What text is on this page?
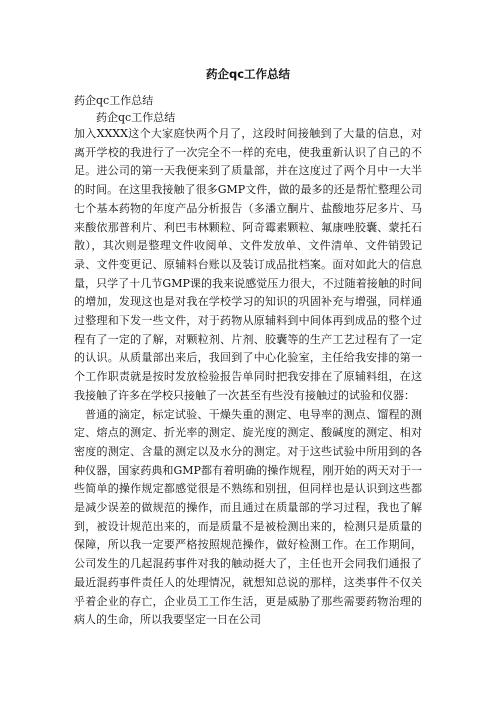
药企qc工作总结
药企qc工作总结
药企qc工作总结

加入XXXX这个大家庭快两个月了，这段时间接触到了大量的信息，对离开学校的我进行了一次完全不一样的充电，使我重新认识了自己的不足。进公司的第一天我便来到了质量部，并在这度过了两个月中一大半的时间。在这里我接触了很多GMP文件，做的最多的还是帮忙整理公司七个基本药物的年度产品分析报告（多潘立酮片、盐酸地芬尼多片、马来酸依那普利片、利巴韦林颗粒、阿奇霉素颗粒、氟康唑胶囊、蒙托石散），其次则是整理文件收阅单、文件发放单、文件清单、文件销毁记录、文件变更记、原辅料台账以及装订成品批档案。面对如此大的信息量，只学了十几节GMP课的我来说感觉压力很大，不过随着接触的时间的增加，发现这也是对我在学校学习的知识的巩固补充与增强，同样通过整理和下发一些文件，对于药物从原辅料到中间体再到成品的整个过程有了一定的了解，对颗粒剂、片剂、胶囊等的生产工艺过程有了一定的认识。从质量部出来后，我回到了中心化验室，主任给我安排的第一个工作职责就是按时发放检验报告单同时把我安排在了原辅料组，在这我接触了许多在学校只接触了一次甚至有些没有接触过的试验和仪器：

普通的滴定，标定试验、干燥失重的测定、电导率的测点、馏程的测定、熔点的测定、折光率的测定、旋光度的测定、酸碱度的测定、相对密度的测定、含量的测定以及水分的测定。对于这些试验中所用到的各种仪器，国家药典和GMP都有着明确的操作规程，刚开始的两天对于一些简单的操作规定都感觉很是不熟练和别扭，但同样也是认识到这些都是减少误差的做规范的操作，而且通过在质量部的学习过程，我也了解到，被设计规范出来的，而是质量不是被检测出来的，检测只是质量的保障，所以我一定要严格按照规范操作，做好检测工作。在工作期间，公司发生的几起混药事件对我的触动挺大了，主任也开会同我们通报了最近混药事件责任人的处理情况，就想知总说的那样，这类事件不仅关乎着企业的存亡，企业员工工作生活，更是威胁了那些需要药物治理的病人的生命，所以我要坚定一日在公司
